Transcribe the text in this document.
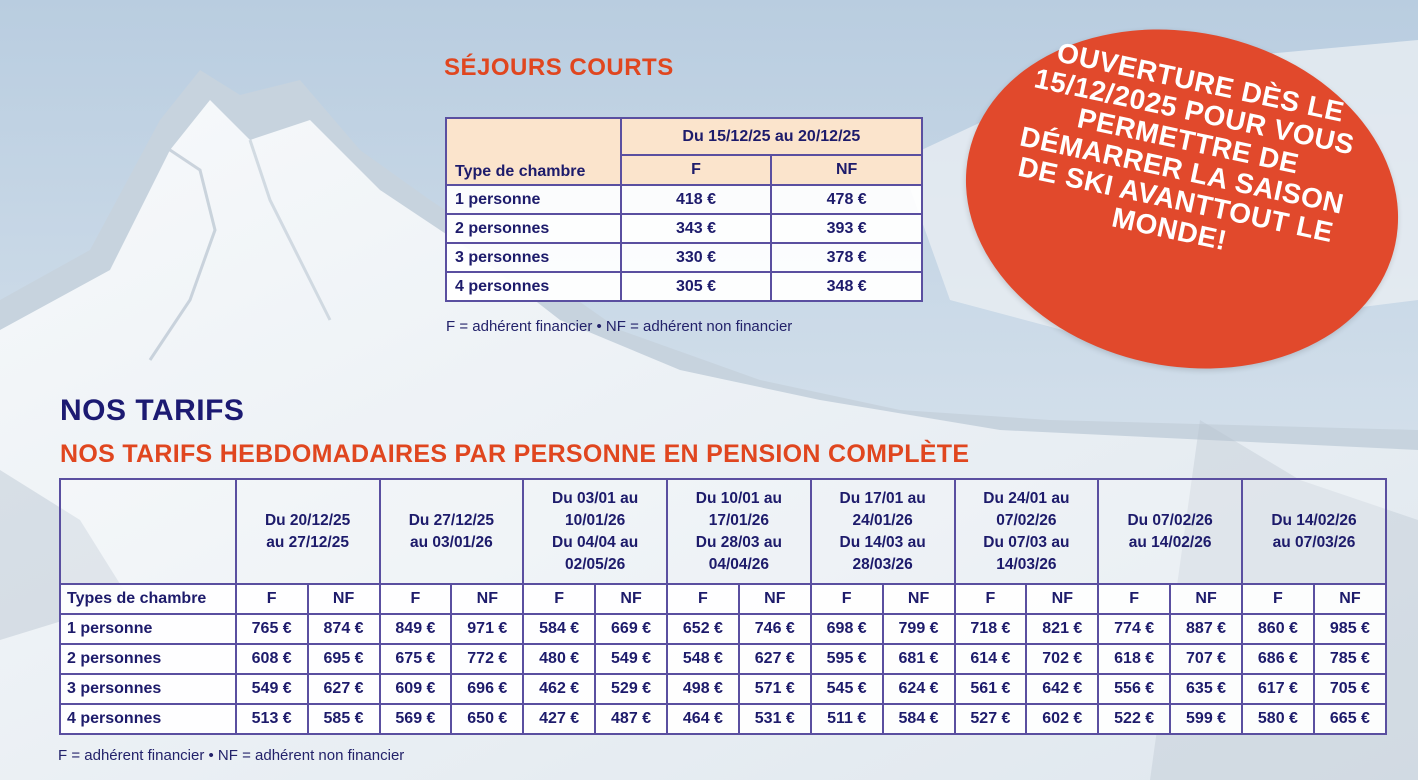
SÉJOURS COURTS
Type de chambre	Du 15/12/25 au 20/12/25	
	F	NF
1 personne	418 €	478 €
2 personnes	343 €	393 €
3 personnes	330 €	378 €
4 personnes	305 €	348 €

F = adhérent financier • NF = adhérent non financier

OUVERTURE DÈS LE 15/12/2025 POUR VOUS PERMETTRE DE DÉMARRER LA SAISON DE SKI AVANTTOUT LE MONDE!

NOS TARIFS
NOS TARIFS HEBDOMADAIRES PAR PERSONNE EN PENSION COMPLÈTE
	Du 20/12/25
au 27/12/25		Du 27/12/25
au 03/01/26		Du 03/01 au
10/01/26
Du 04/04 au
02/05/26		Du 10/01 au
17/01/26
Du 28/03 au
04/04/26		Du 17/01 au
24/01/26
Du 14/03 au
28/03/26		Du 24/01 au
07/02/26
Du 07/03 au
14/03/26		Du 07/02/26
au 14/02/26		Du 14/02/26
au 07/03/26	
Types de chambre	F	NF	F	NF	F	NF	F	NF	F	NF	F	NF	F	NF	F	NF
1 personne	765 €	874 €	849 €	971 €	584 €	669 €	652 €	746 €	698 €	799 €	718 €	821 €	774 €	887 €	860 €	985 €
2 personnes	608 €	695 €	675 €	772 €	480 €	549 €	548 €	627 €	595 €	681 €	614 €	702 €	618 €	707 €	686 €	785 €
3 personnes	549 €	627 €	609 €	696 €	462 €	529 €	498 €	571 €	545 €	624 €	561 €	642 €	556 €	635 €	617 €	705 €
4 personnes	513 €	585 €	569 €	650 €	427 €	487 €	464 €	531 €	511 €	584 €	527 €	602 €	522 €	599 €	580 €	665 €

F = adhérent financier • NF = adhérent non financier
